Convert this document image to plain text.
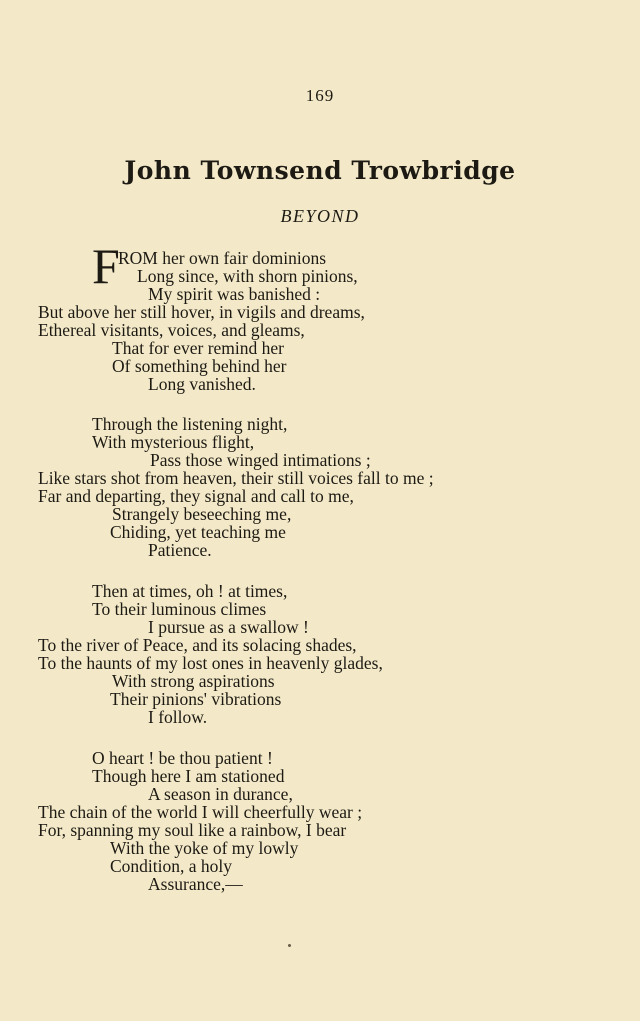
169
John Townsend Trowbridge
BEYOND
F
ROM her own fair dominions
Long since, with shorn pinions,
My spirit was banished :
But above her still hover, in vigils and dreams,
Ethereal visitants, voices, and gleams,
That for ever remind her
Of something behind her
Long vanished.
Through the listening night,
With mysterious flight,
Pass those winged intimations ;
Like stars shot from heaven, their still voices fall to me ;
Far and departing, they signal and call to me,
Strangely beseeching me,
Chiding, yet teaching me
Patience.
Then at times, oh ! at times,
To their luminous climes
I pursue as a swallow !
To the river of Peace, and its solacing shades,
To the haunts of my lost ones in heavenly glades,
With strong aspirations
Their pinions' vibrations
I follow.
O heart ! be thou patient !
Though here I am stationed
A season in durance,
The chain of the world I will cheerfully wear ;
For, spanning my soul like a rainbow, I bear
With the yoke of my lowly
Condition, a holy
Assurance,—
